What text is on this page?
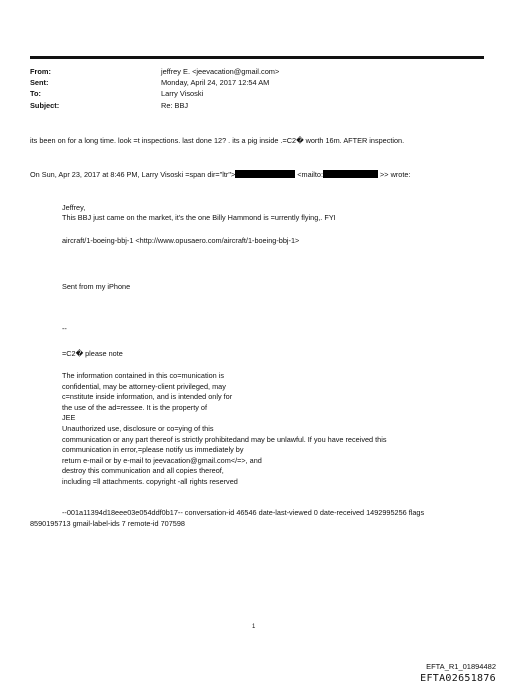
From:	jeffrey E. <jeevacation@gmail.com>
Sent:	Monday, April 24, 2017 12:54 AM
To:	Larry Visoski
Subject:	Re: BBJ
its been on for a long time. look =t inspections. last done 12? . its a pig inside .=C2� worth 16m. AFTER inspection.
On Sun, Apr 23, 2017 at 8:46 PM, Larry Visoski =span dir="ltr">	<mailto:	>> wrote:
Jeffrey,
This BBJ just came on the market, it's the one Billy Hammond is =urrently flying,. FYI
aircraft/1-boeing-bbj-1 <http://www.opusaero.com/aircraft/1-boeing-bbj-1>
Sent from my iPhone
--
=C2� please note
The information contained in this co=munication is
confidential, may be attorney-client privileged, may
c=nstitute inside information, and is intended only for
the use of the ad=ressee. It is the property of
JEE
Unauthorized use, disclosure or co=ying of this
communication or any part thereof is strictly prohibitedand may be unlawful. If you have received this
communication in error,=please notify us immediately by
return e-mail or by e-mail to jeevacation@gmail.com</=>, and
destroy this communication and all copies thereof,
including =ll attachments. copyright -all rights reserved
--001a11394d18eee03e054ddf0b17-- conversation-id 46546 date-last-viewed 0 date-received 1492995256 flags
8590195713 gmail-label-ids 7 remote-id 707598
1
EFTA_R1_01894482
EFTA02651876
